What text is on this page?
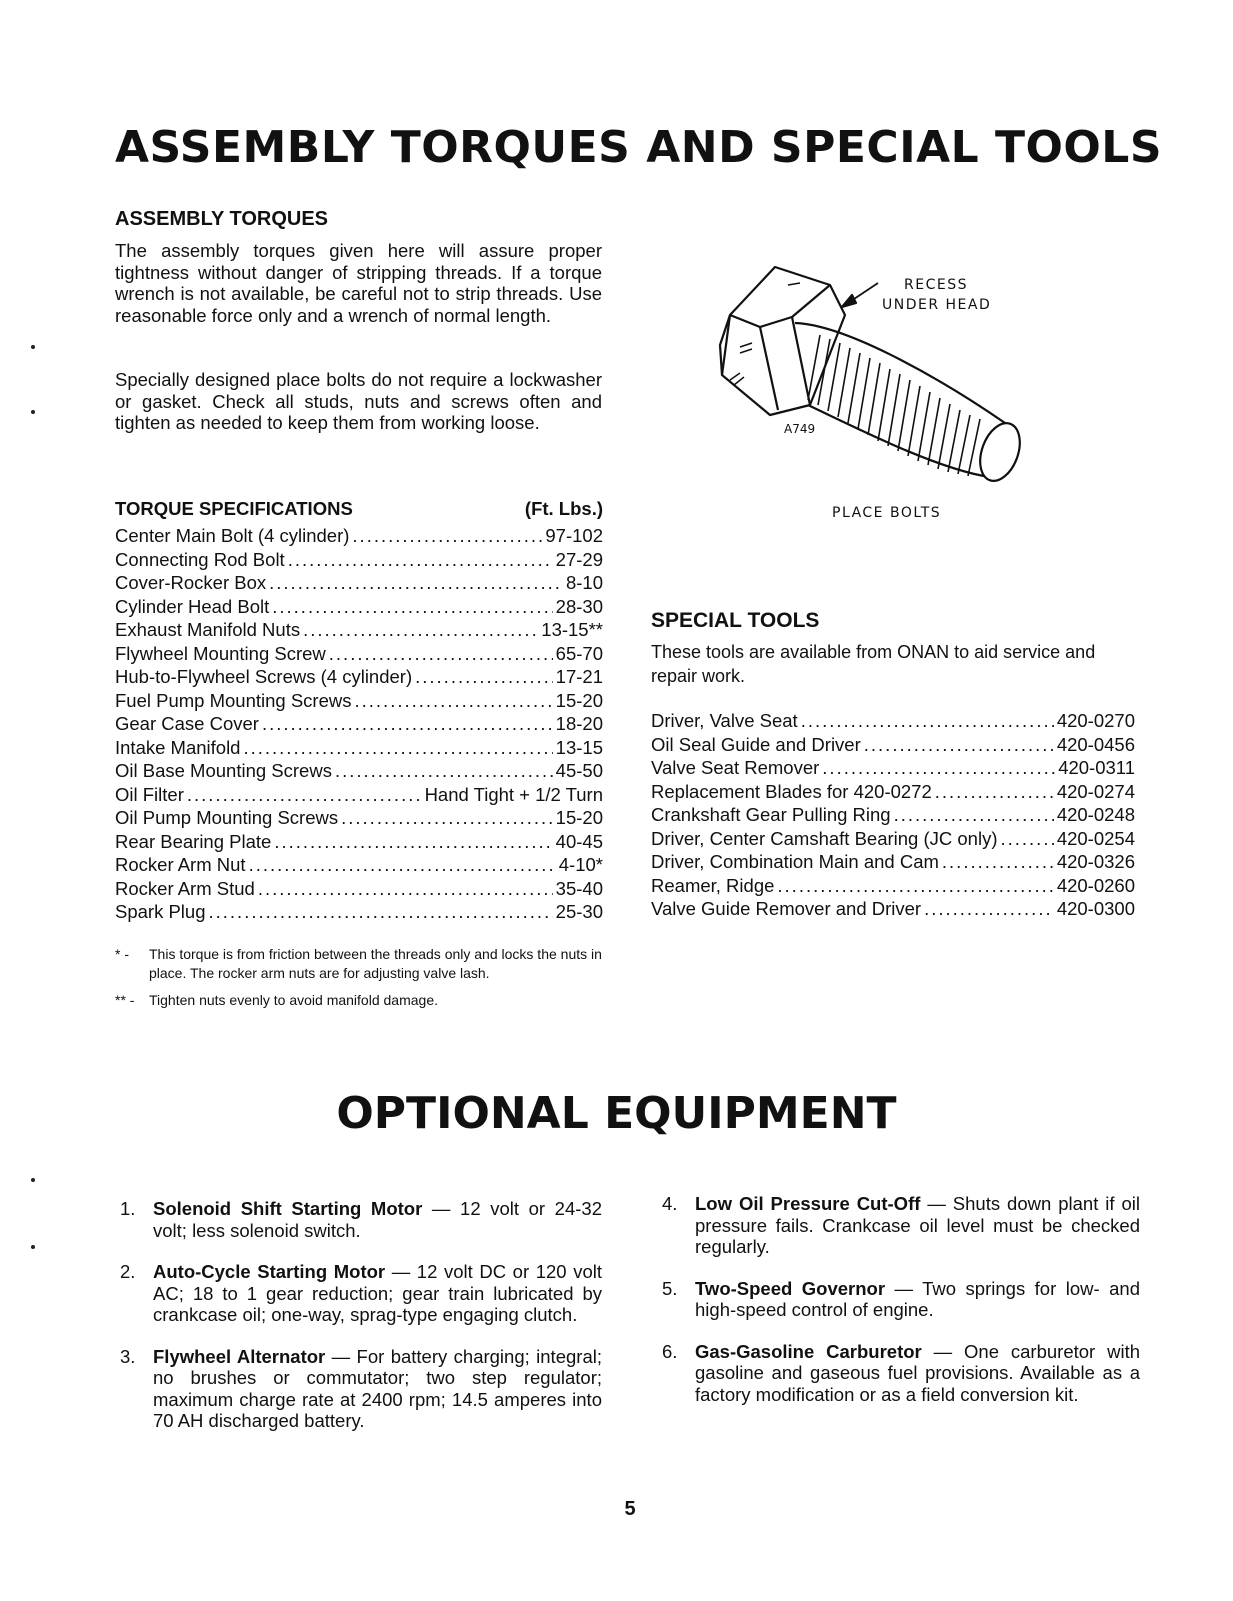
ASSEMBLY TORQUES AND SPECIAL TOOLS
ASSEMBLY TORQUES
The assembly torques given here will assure proper tightness without danger of stripping threads. If a torque wrench is not available, be careful not to strip threads. Use reasonable force only and a wrench of normal length.
Specially designed place bolts do not require a lockwasher or gasket. Check all studs, nuts and screws often and tighten as needed to keep them from working loose.	A749
RECESS
UNDER HEAD
PLACE BOLTS
TORQUE SPECIFICATIONS	(Ft. Lbs.)
Center Main Bolt (4 cylinder) .....	97-102
Connecting Rod Bolt .....	27-29
Cover-Rocker Box .....	8-10
Cylinder Head Bolt .....	28-30
Exhaust Manifold Nuts .....	13-15**
Flywheel Mounting Screw .....	65-70
Hub-to-Flywheel Screws (4 cylinder) .....	17-21
Fuel Pump Mounting Screws .....	15-20
Gear Case Cover .....	18-20
Intake Manifold .....	13-15
Oil Base Mounting Screws .....	45-50
Oil Filter .....	Hand Tight + 1/2 Turn
Oil Pump Mounting Screws .....	15-20
Rear Bearing Plate .....	40-45
Rocker Arm Nut .....	4-10*
Rocker Arm Stud .....	35-40
Spark Plug .....	25-30
* -	This torque is from friction between the threads only and locks the nuts in place. The rocker arm nuts are for adjusting valve lash.
** -	Tighten nuts evenly to avoid manifold damage.
SPECIAL TOOLS
These tools are available from ONAN to aid service and repair work.
Driver, Valve Seat .....	420-0270
Oil Seal Guide and Driver .....	420-0456
Valve Seat Remover .....	420-0311
Replacement Blades for 420-0272 .....	420-0274
Crankshaft Gear Pulling Ring .....	420-0248
Driver, Center Camshaft Bearing (JC only) .....	420-0254
Driver, Combination Main and Cam .....	420-0326
Reamer, Ridge .....	420-0260
Valve Guide Remover and Driver .....	420-0300
OPTIONAL EQUIPMENT
1. Solenoid Shift Starting Motor — 12 volt or 24-32 volt; less solenoid switch.
2. Auto-Cycle Starting Motor — 12 volt DC or 120 volt AC; 18 to 1 gear reduction; gear train lubricated by crankcase oil; one-way, sprag-type engaging clutch.
3. Flywheel Alternator — For battery charging; integral; no brushes or commutator; two step regulator; maximum charge rate at 2400 rpm; 14.5 amperes into 70 AH discharged battery.
4. Low Oil Pressure Cut-Off — Shuts down plant if oil pressure fails. Crankcase oil level must be checked regularly.
5. Two-Speed Governor — Two springs for low- and high-speed control of engine.
6. Gas-Gasoline Carburetor — One carburetor with gasoline and gaseous fuel provisions. Available as a factory modification or as a field conversion kit.
5
